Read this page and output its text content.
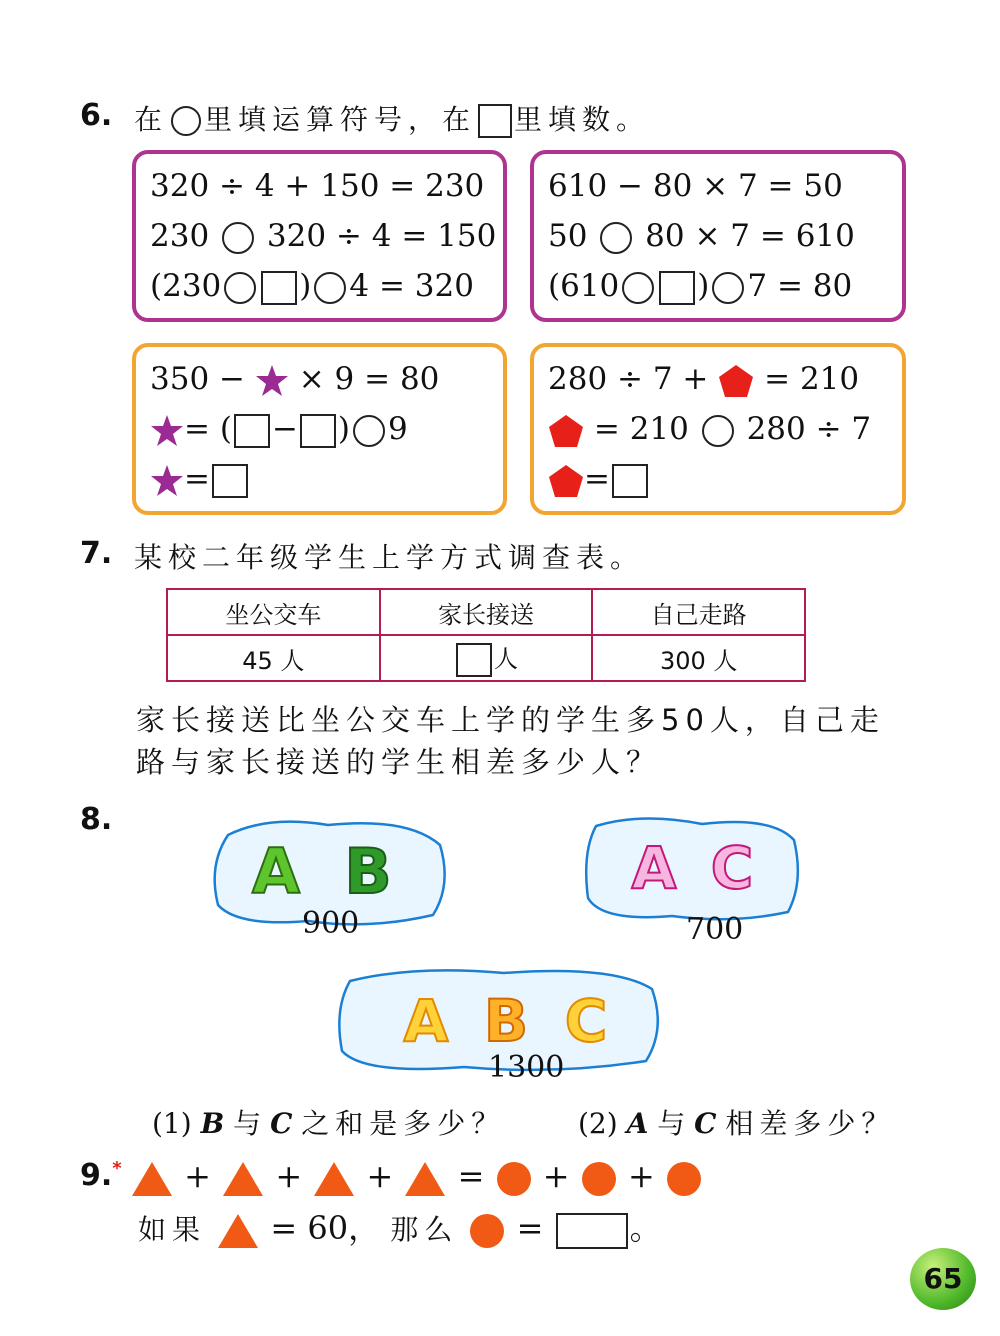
6. 在 里填运算符号，在 里填数。
320 ÷ 4 + 150 = 230
230 320 ÷ 4 = 150
(230	) 4 = 320
610 − 80 × 7 = 50
50 80 × 7 = 610
(610	) 7 = 80
350 − × 9 = 80
= ( − ) 9
=
280 ÷ 7 + = 210
= 210 280 ÷ 7
=
7. 某校二年级学生上学方式调查表。
坐公交车	家长接送	自己走路
45 人	人	300 人
家长接送比坐公交车上学的学生多50人，自己走
路与家长接送的学生相差多少人？
8.
A B
900
A C
700
A B C
1300
(1) B 与 C 之和是多少？	(2) A 与 C 相差多少？
9.*	+ + + = + +
如果 = 60， 那么 =	。
65
